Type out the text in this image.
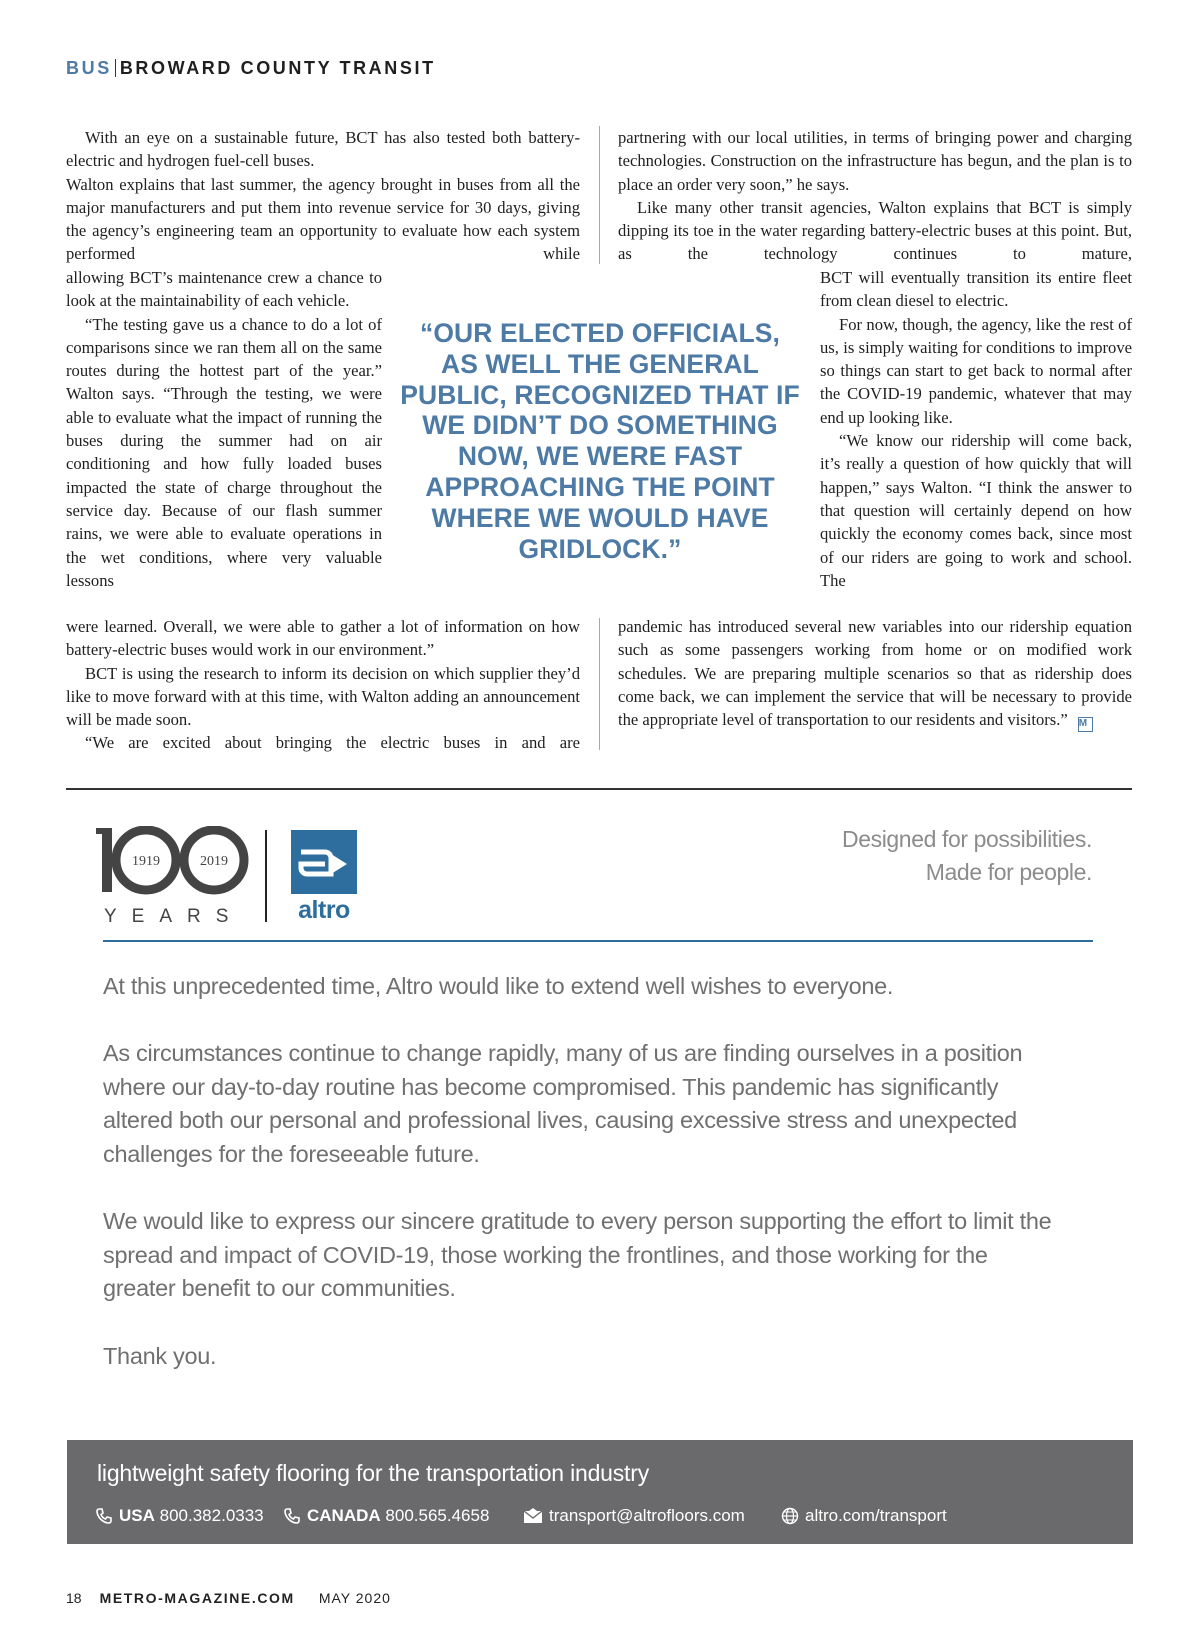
BUS BROWARD COUNTY TRANSIT

With an eye on a sustainable future, BCT has also tested both battery-electric and hydrogen fuel-cell buses.

Walton explains that last summer, the agency brought in buses from all the major manufacturers and put them into revenue service for 30 days, giving the agency’s engineering team an opportunity to evaluate how each system performed while

allowing BCT’s maintenance crew a chance to look at the maintainability of each vehicle.

“The testing gave us a chance to do a lot of comparisons since we ran them all on the same routes during the hottest part of the year.” Walton says. “Through the testing, we were able to evaluate what the impact of running the buses during the summer had on air conditioning and how fully loaded buses impacted the state of charge throughout the service day. Because of our flash summer rains, we were able to evaluate operations in the wet conditions, where very valuable lessons

were learned. Overall, we were able to gather a lot of information on how battery-electric buses would work in our environment.”

BCT is using the research to inform its decision on which supplier they’d like to move forward with at this time, with Walton adding an announcement will be made soon.

“We are excited about bringing the electric buses in and are

partnering with our local utilities, in terms of bringing power and charging technologies. Construction on the infrastructure has begun, and the plan is to place an order very soon,” he says.

Like many other transit agencies, Walton explains that BCT is simply dipping its toe in the water regarding battery-electric buses at this point. But, as the technology continues to mature,

BCT will eventually transition its entire fleet from clean diesel to electric.

For now, though, the agency, like the rest of us, is simply waiting for conditions to improve so things can start to get back to normal after the COVID-19 pandemic, whatever that may end up looking like.

“We know our ridership will come back, it’s really a question of how quickly that will happen,” says Walton. “I think the answer to that question will certainly depend on how quickly the economy comes back, since most of our riders are going to work and school. The

pandemic has introduced several new variables into our ridership equation such as some passengers working from home or on modified work schedules. We are preparing multiple scenarios so that as ridership does come back, we can implement the service that will be necessary to provide the appropriate level of transportation to our residents and visitors.” M

“OUR ELECTED OFFICIALS, AS WELL THE GENERAL PUBLIC, RECOGNIZED THAT IF WE DIDN’T DO SOMETHING NOW, WE WERE FAST APPROACHING THE POINT WHERE WE WOULD HAVE GRIDLOCK.”
1919	2019
YEARS altro
Designed for possibilities.
Made for people.

At this unprecedented time, Altro would like to extend well wishes to everyone.

As circumstances continue to change rapidly, many of us are finding ourselves in a position where our day-to-day routine has become compromised. This pandemic has significantly altered both our personal and professional lives, causing excessive stress and unexpected challenges for the foreseeable future.

We would like to express our sincere gratitude to every person supporting the effort to limit the spread and impact of COVID-19, those working the frontlines, and those working for the greater benefit to our communities.

Thank you.

lightweight safety flooring for the transportation industry
USA 800.382.0333	CANADA 800.565.4658	transport@altrofloors.com	altro.com/transport
18 METRO-MAGAZINE.COM MAY 2020
